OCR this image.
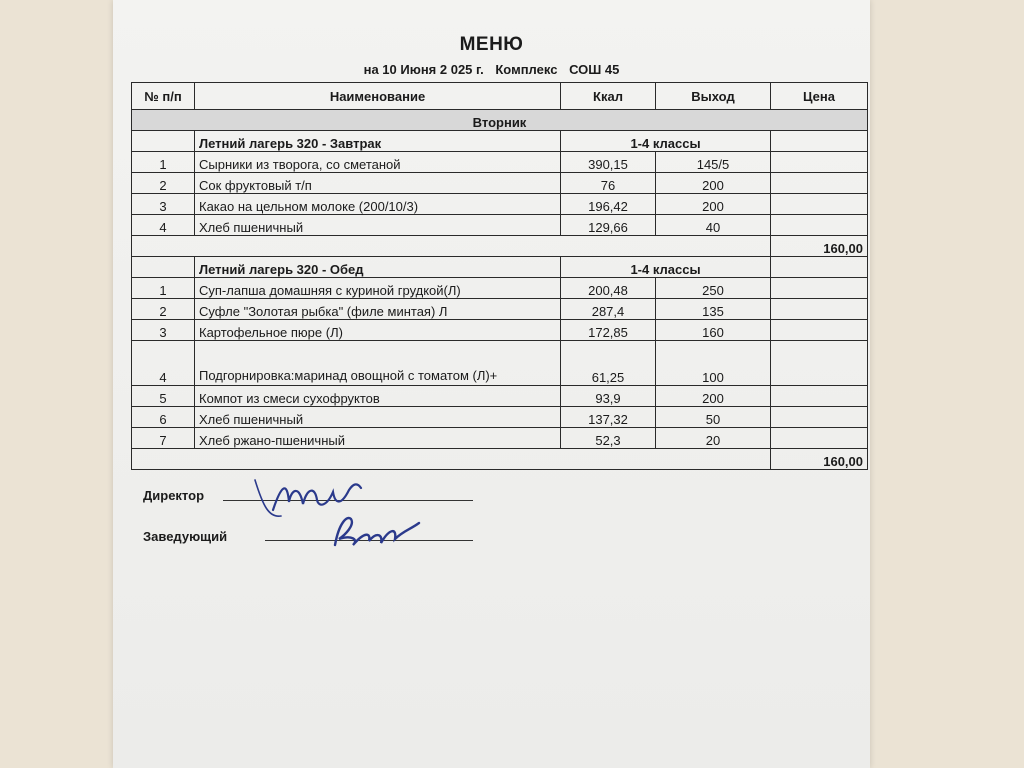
МЕНЮ
на 10 Июня 2 025 г. Комплекс СОШ 45
№ п/п	Наименование	Ккал	Выход	Цена
Вторник				
	Летний лагерь 320 - Завтрак	1-4 классы		
1	Сырники из творога, со сметаной	390,15	145/5	
2	Сок фруктовый т/п	76	200	
3	Какао на цельном молоке (200/10/3)	196,42	200	
4	Хлеб пшеничный	129,66	40	
				160,00
	Летний лагерь 320 - Обед	1-4 классы		
1	Суп-лапша домашняя с куриной грудкой(Л)	200,48	250	
2	Суфле "Золотая рыбка" (филе минтая) Л	287,4	135	
3	Картофельное пюре (Л)	172,85	160	
4	Подгорнировка:маринад овощной с томатом (Л)+	61,25	100	
5	Компот из смеси сухофруктов	93,9	200	
6	Хлеб пшеничный	137,32	50	
7	Хлеб ржано-пшеничный	52,3	20	
				160,00
Директор
Заведующий
